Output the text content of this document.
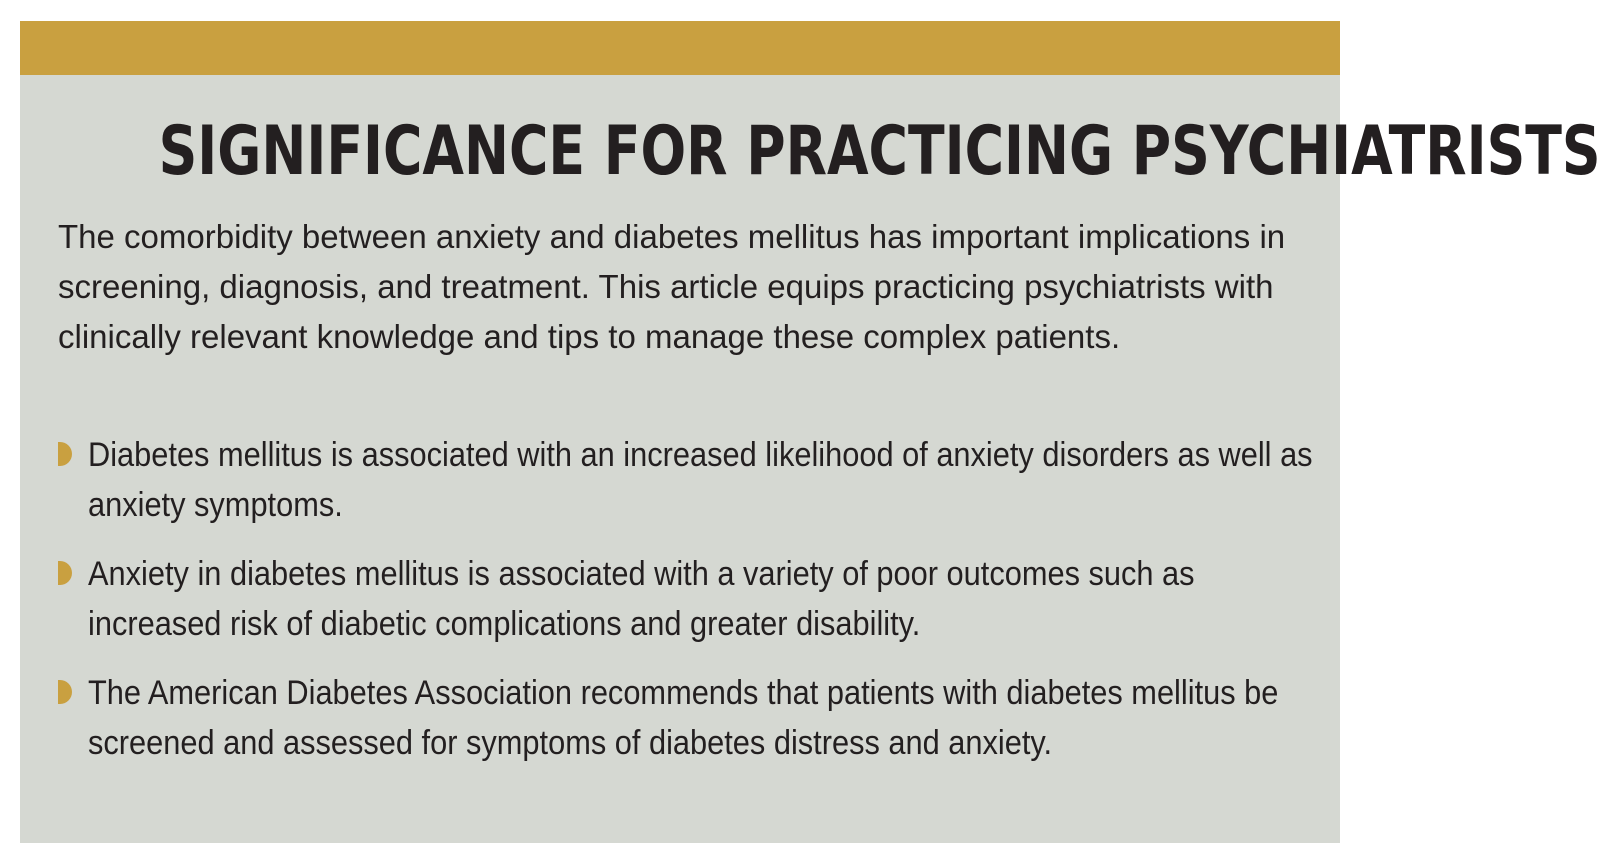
SIGNIFICANCE FOR PRACTICING PSYCHIATRISTS
The comorbidity between anxiety and diabetes mellitus has important implications in screening, diagnosis, and treatment. This article equips practicing psychiatrists with clinically relevant knowledge and tips to manage these complex patients.
Diabetes mellitus is associated with an increased likelihood of anxiety disorders as well as anxiety symptoms.
Anxiety in diabetes mellitus is associated with a variety of poor outcomes such as increased risk of diabetic complications and greater disability.
The American Diabetes Association recommends that patients with diabetes mellitus be screened and assessed for symptoms of diabetes distress and anxiety.
